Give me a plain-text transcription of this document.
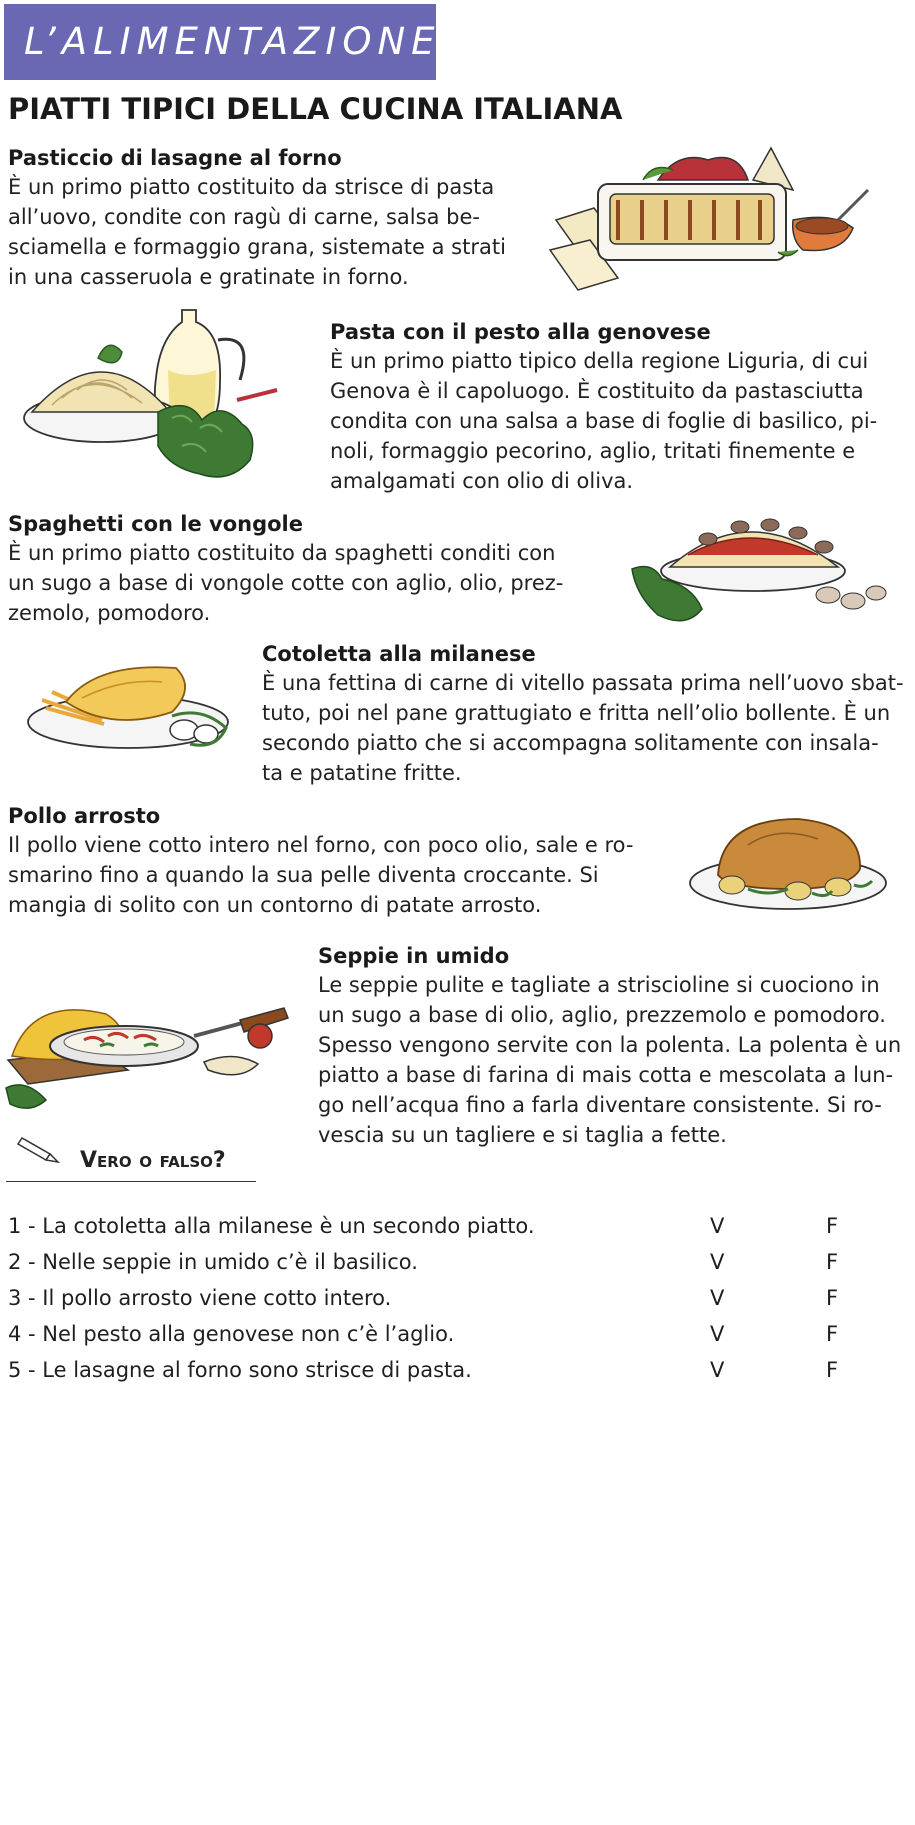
L’ALIMENTAZIONE
PIATTI TIPICI DELLA CUCINA ITALIANA
Pasticcio di lasagne al forno
È un primo piatto costituito da strisce di pasta
all’uovo, condite con ragù di carne, salsa be-
sciamella e formaggio grana, sistemate a strati
in una casseruola e gratinate in forno.
Pasta con il pesto alla genovese
È un primo piatto tipico della regione Liguria, di cui
Genova è il capoluogo. È costituito da pastasciutta
condita con una salsa a base di foglie di basilico, pi-
noli, formaggio pecorino, aglio, tritati finemente e
amalgamati con olio di oliva.
Spaghetti con le vongole
È un primo piatto costituito da spaghetti conditi con
un sugo a base di vongole cotte con aglio, olio, prez-
zemolo, pomodoro.
Cotoletta alla milanese
È una fettina di carne di vitello passata prima nell’uovo sbat-
tuto, poi nel pane grattugiato e fritta nell’olio bollente. È un
secondo piatto che si accompagna solitamente con insala-
ta e patatine fritte.
Pollo arrosto
Il pollo viene cotto intero nel forno, con poco olio, sale e ro-
smarino fino a quando la sua pelle diventa croccante. Si
mangia di solito con un contorno di patate arrosto.
Seppie in umido
Le seppie pulite e tagliate a striscioline si cuociono in
un sugo a base di olio, aglio, prezzemolo e pomodoro.
Spesso vengono servite con la polenta. La polenta è un
piatto a base di farina di mais cotta e mescolata a lun-
go nell’acqua fino a farla diventare consistente. Si ro-
vescia su un tagliere e si taglia a fette.
Vero o falso?
1 - La cotoletta alla milanese è un secondo piatto.	V	F
2 - Nelle seppie in umido c’è il basilico.	V	F
3 - Il pollo arrosto viene cotto intero.	V	F
4 - Nel pesto alla genovese non c’è l’aglio.	V	F
5 - Le lasagne al forno sono strisce di pasta.	V	F
